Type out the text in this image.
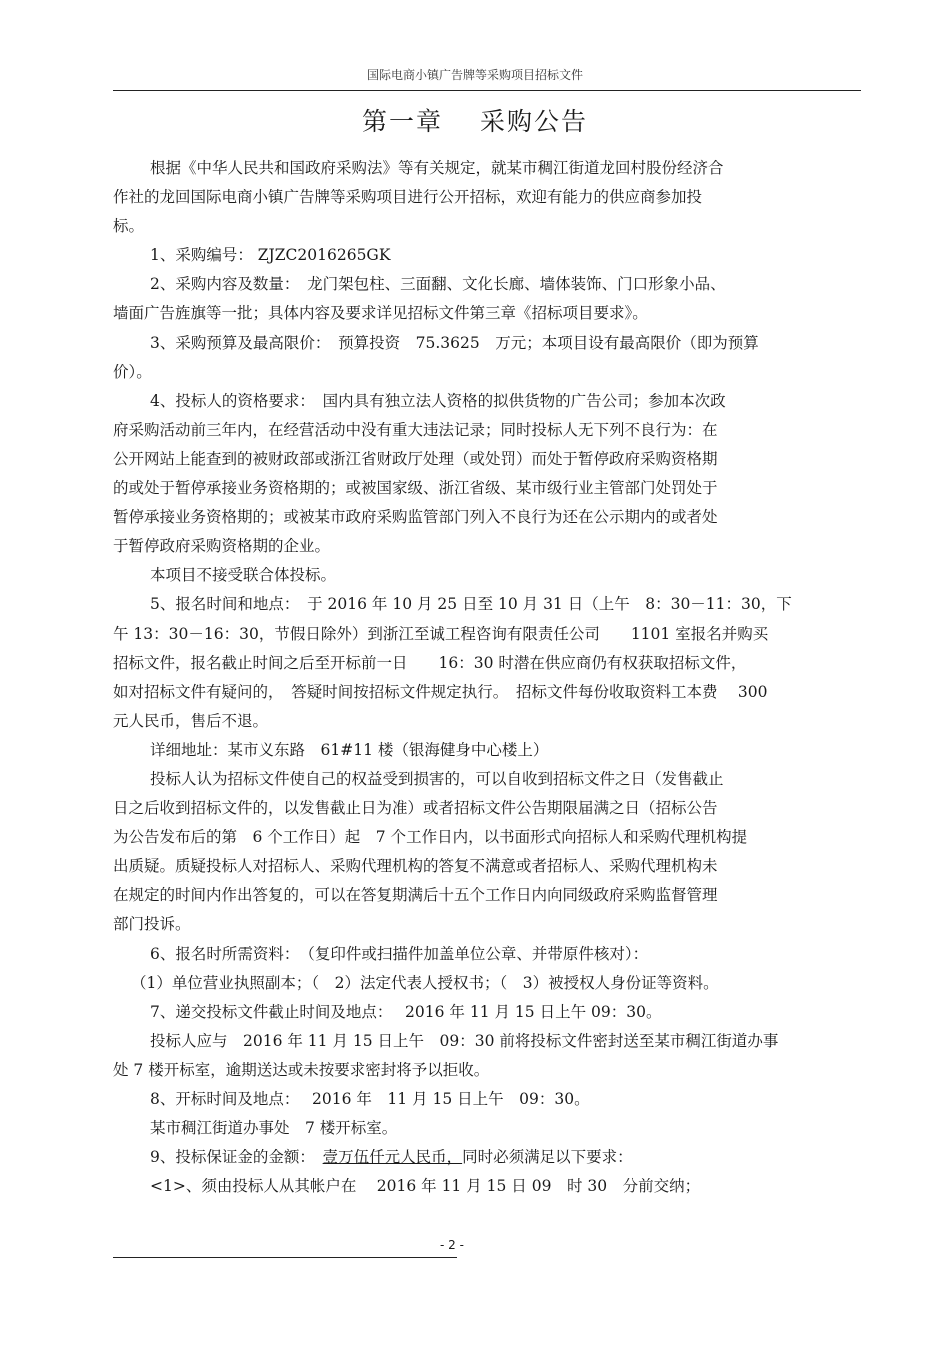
国际电商小镇广告牌等采购项目招标文件
第一章　 采购公告
根据《中华人民共和国政府采购法》等有关规定，就某市稠江街道龙回村股份经济合
作社的龙回国际电商小镇广告牌等采购项目进行公开招标，欢迎有能力的供应商参加投
标。
1、采购编号： ZJZC2016265GK
2、采购内容及数量：　龙门架包柱、三面翻、文化长廊、墙体装饰、门口形象小品、
墙面广告旌旗等一批；具体内容及要求详见招标文件第三章《招标项目要求》。
3、采购预算及最高限价：　预算投资　75.3625　万元；本项目设有最高限价（即为预算
价）。
4、投标人的资格要求：　国内具有独立法人资格的拟供货物的广告公司；参加本次政
府采购活动前三年内，在经营活动中没有重大违法记录；同时投标人无下列不良行为：在
公开网站上能查到的被财政部或浙江省财政厅处理（或处罚）而处于暂停政府采购资格期
的或处于暂停承接业务资格期的；或被国家级、浙江省级、某市级行业主管部门处罚处于
暂停承接业务资格期的；或被某市政府采购监管部门列入不良行为还在公示期内的或者处
于暂停政府采购资格期的企业。
本项目不接受联合体投标。
5、报名时间和地点：　于 2016 年 10 月 25 日至 10 月 31 日（上午　8：30－11：30，下
午 13：30－16：30，节假日除外）到浙江至诚工程咨询有限责任公司　　1101 室报名并购买
招标文件，报名截止时间之后至开标前一日　　16：30 时潜在供应商仍有权获取招标文件，
如对招标文件有疑问的，　答疑时间按招标文件规定执行。　招标文件每份收取资料工本费　 300
元人民币，售后不退。
详细地址：某市义东路　61#11 楼（银海健身中心楼上）
投标人认为招标文件使自己的权益受到损害的，可以自收到招标文件之日（发售截止
日之后收到招标文件的，以发售截止日为准）或者招标文件公告期限届满之日（招标公告
为公告发布后的第　6 个工作日）起　7 个工作日内，以书面形式向招标人和采购代理机构提
出质疑。质疑投标人对招标人、采购代理机构的答复不满意或者招标人、采购代理机构未
在规定的时间内作出答复的，可以在答复期满后十五个工作日内向同级政府采购监督管理
部门投诉。
6、报名时所需资料：　（复印件或扫描件加盖单位公章、并带原件核对）：
（1）单位营业执照副本；（　2）法定代表人授权书；（　3）被授权人身份证等资料。
7、递交投标文件截止时间及地点：　 2016 年 11 月 15 日上午 09：30。
投标人应与　2016 年 11 月 15 日上午　09：30 前将投标文件密封送至某市稠江街道办事
处 7 楼开标室，逾期送达或未按要求密封将予以拒收。
8、开标时间及地点：　 2016 年　11 月 15 日上午　09：30。
某市稠江街道办事处　7 楼开标室。
9、投标保证金的金额：　壹万伍仟元人民币，同时必须满足以下要求：
<1>、须由投标人从其帐户在　 2016 年 11 月 15 日 09　时 30　分前交纳；
- 2 -
